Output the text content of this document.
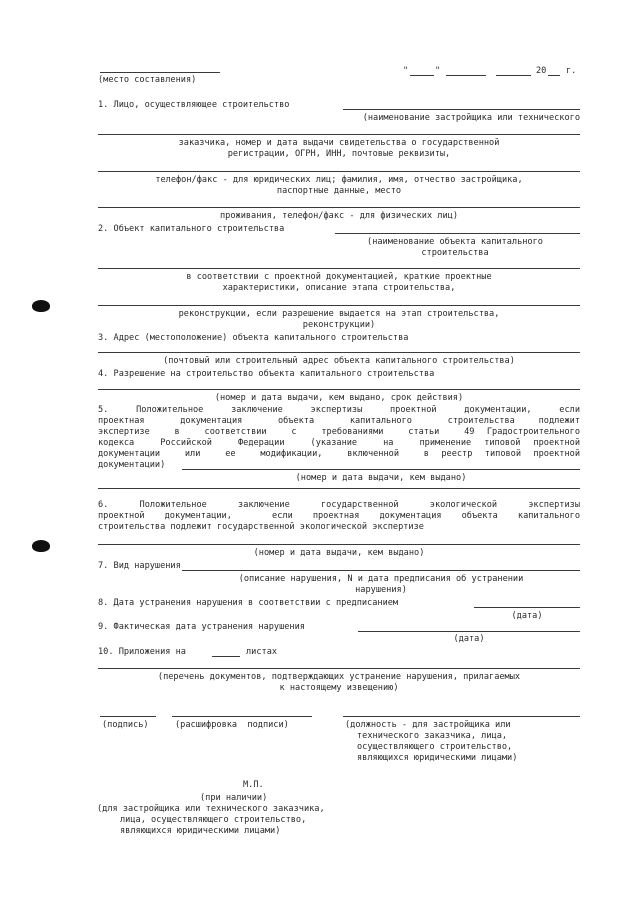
"	"	20 г.
(место составления)
1. Лицо, осуществляющее строительство
(наименование застройщика или технического
заказчика, номер и дата выдачи свидетельства о государственной
регистрации, ОГРН, ИНН, почтовые реквизиты,
телефон/факс - для юридических лиц; фамилия, имя, отчество застройщика,
паспортные данные, место
проживания, телефон/факс - для физических лиц)
2. Объект капитального строительства
(наименование объекта капитального
строительства
в соответствии с проектной документацией, краткие проектные
характеристики, описание этапа строительства,
реконструкции, если разрешение выдается на этап строительства,
реконструкции)
3. Адрес (местоположение) объекта капитального строительства
(почтовый или строительный адрес объекта капитального строительства)
4. Разрешение на строительство объекта капитального строительства
(номер и дата выдачи, кем выдано, срок действия)
5.  Положительное  заключение  экспертизы  проектной  документации,  если
проектная   документация   объекта   капитального   строительства  подлежит
экспертизе  в  соответствии  с  требованиями  статьи  49 Градостроительного
кодекса  Российской  Федерации  (указание  на  применение типовой проектной
документации  или  ее  модификации,  включенной  в реестр типовой проектной
документации)
(номер и дата выдачи, кем выдано)
6.   Положительное   заключение   государственной   экологической   экспертизы
проектной документации,  если проектная документация объекта капитального
строительства подлежит государственной экологической экспертизе
(номер и дата выдачи, кем выдано)
7. Вид нарушения
(описание нарушения, N и дата предписания об устранении
нарушения)
8. Дата устранения нарушения в соответствии с предписанием
(дата)
9. Фактическая дата устранения нарушения
(дата)
10. Приложения на	листах
(перечень документов, подтверждающих устранение нарушения, прилагаемых
к настоящему извещению)
(подпись)	(расшифровка  подписи)	(должность - для застройщика или
технического заказчика, лица,
осуществляющего строительство,
являющихся юридическими лицами)
М.П.
(при наличии)
(для застройщика или технического заказчика,
лица, осуществляющего строительство,
являющихся юридическими лицами)
